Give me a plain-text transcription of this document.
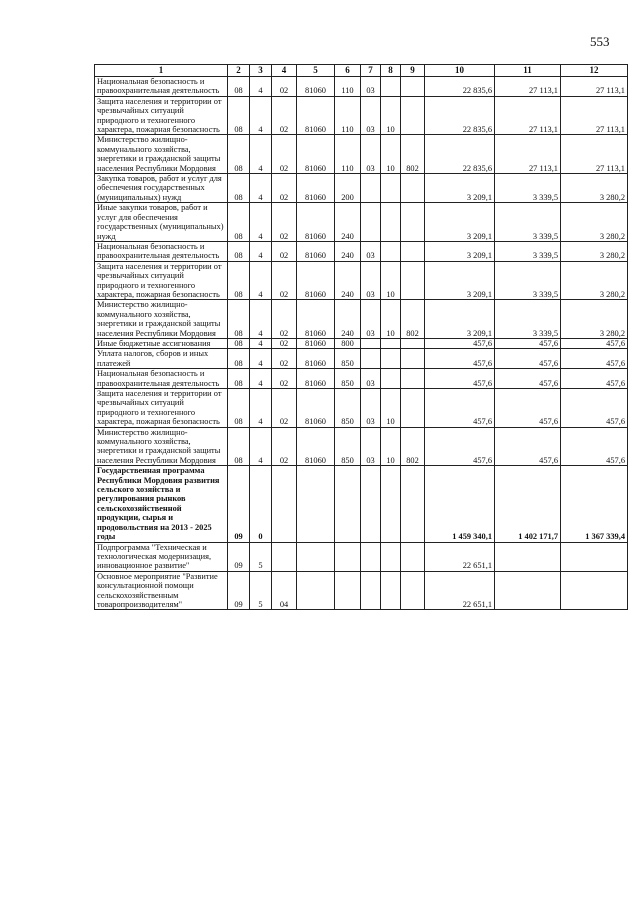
553
1	2	3	4	5	6	7	8	9	10	11	12

Национальная безопасность и правоохранительная деятельность	08	4	02	81060	110	03			22 835,6	27 113,1	27 113,1

Защита населения и территории от чрезвычайных ситуаций природного и техногенного характера, пожарная безопасность	08	4	02	81060	110	03	10		22 835,6	27 113,1	27 113,1

Министерство жилищно-коммунального хозяйства, энергетики и гражданской защиты населения Республики Мордовия	08	4	02	81060	110	03	10	802	22 835,6	27 113,1	27 113,1

Закупка товаров, работ и услуг для обеспечения государственных (муниципальных) нужд	08	4	02	81060	200				3 209,1	3 339,5	3 280,2

Иные закупки товаров, работ и услуг для обеспечения государственных (муниципальных) нужд	08	4	02	81060	240				3 209,1	3 339,5	3 280,2

Национальная безопасность и правоохранительная деятельность	08	4	02	81060	240	03			3 209,1	3 339,5	3 280,2

Защита населения и территории от чрезвычайных ситуаций природного и техногенного характера, пожарная безопасность	08	4	02	81060	240	03	10		3 209,1	3 339,5	3 280,2

Министерство жилищно-коммунального хозяйства, энергетики и гражданской защиты населения Республики Мордовия	08	4	02	81060	240	03	10	802	3 209,1	3 339,5	3 280,2

Иные бюджетные ассигнования	08	4	02	81060	800				457,6	457,6	457,6

Уплата налогов, сборов и иных платежей	08	4	02	81060	850				457,6	457,6	457,6

Национальная безопасность и правоохранительная деятельность	08	4	02	81060	850	03			457,6	457,6	457,6

Защита населения и территории от чрезвычайных ситуаций природного и техногенного характера, пожарная безопасность	08	4	02	81060	850	03	10		457,6	457,6	457,6

Министерство жилищно-коммунального хозяйства, энергетики и гражданской защиты населения Республики Мордовия	08	4	02	81060	850	03	10	802	457,6	457,6	457,6

Государственная программа Республики Мордовия развития сельского хозяйства и регулирования рынков сельскохозяйственной продукции, сырья и продовольствия на 2013 - 2025 годы	09	0							1 459 340,1	1 402 171,7	1 367 339,4

Подпрограмма "Техническая и технологическая модернизация, инновационное развитие"	09	5							22 651,1		

Основное мероприятие "Развитие консультационной помощи сельскохозяйственным товаропроизводителям"	09	5	04						22 651,1		
